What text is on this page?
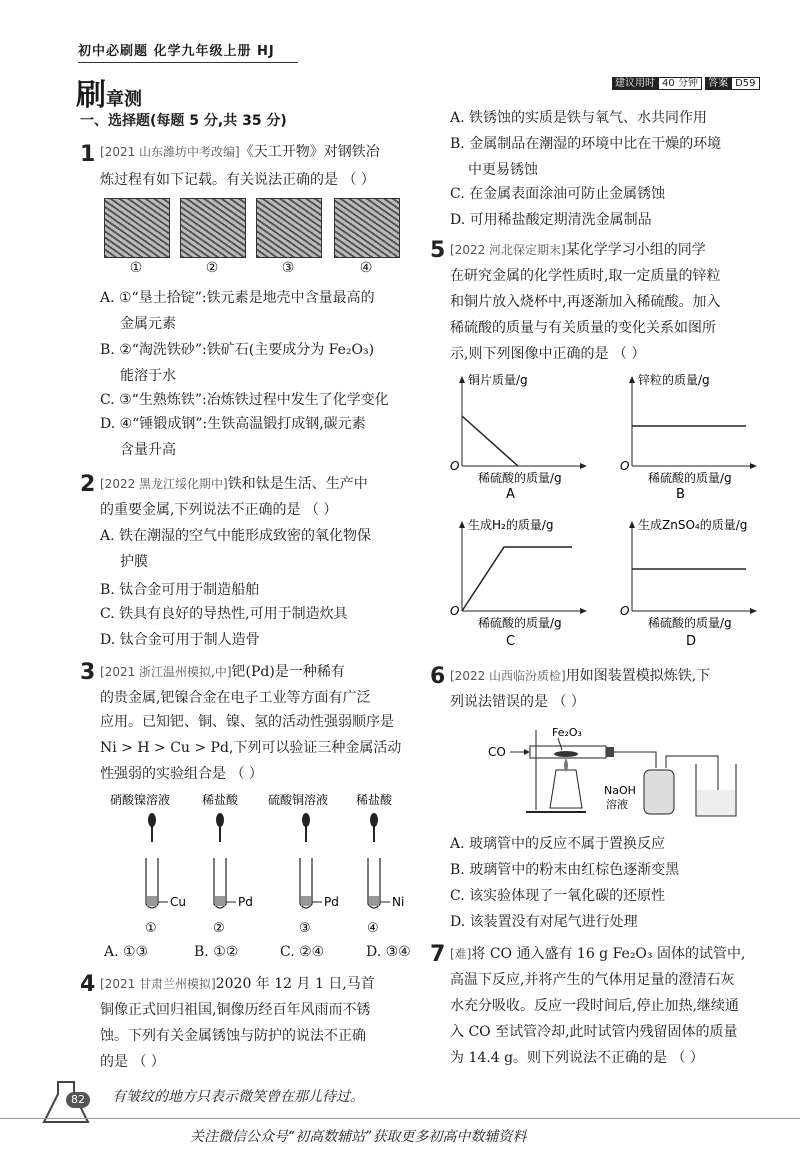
初中必刷题 化学九年级上册 HJ
刷章测
建议用时 40 分钟 答案 D59
一、选择题(每题 5 分,共 35 分)
1 [2021 山东潍坊中考改编]《天工开物》对钢铁冶
炼过程有如下记载。有关说法正确的是 （ ）
①	②	③	④
A. ①“垦土拾锭”:铁元素是地壳中含量最高的
金属元素
B. ②“淘洗铁砂”:铁矿石(主要成分为 Fe₂O₃)
能溶于水
C. ③“生熟炼铁”:冶炼铁过程中发生了化学变化
D. ④“锤锻成钢”:生铁高温锻打成钢,碳元素
含量升高
2 [2022 黑龙江绥化期中]铁和钛是生活、生产中
的重要金属,下列说法不正确的是 （ ）
A. 铁在潮湿的空气中能形成致密的氧化物保
护膜
B. 钛合金可用于制造船舶
C. 铁具有良好的导热性,可用于制造炊具
D. 钛合金可用于制人造骨
3 [2021 浙江温州模拟,中]钯(Pd)是一种稀有
的贵金属,钯镍合金在电子工业等方面有广泛
应用。已知钯、铜、镍、氢的活动性强弱顺序是
Ni > H > Cu > Pd,下列可以验证三种金属活动
性强弱的实验组合是 （ ）
硝酸镍溶液	稀盐酸 硫酸铜溶液 稀盐酸
Cu	Pd	Pd	Ni
①	②	③	④
A. ①③	B. ①②	C. ②④	D. ③④
4 [2021 甘肃兰州模拟]2020 年 12 月 1 日,马首
铜像正式回归祖国,铜像历经百年风雨而不锈
蚀。下列有关金属锈蚀与防护的说法不正确
的是 （ ）
A. 铁锈蚀的实质是铁与氧气、水共同作用
B. 金属制品在潮湿的环境中比在干燥的环境
中更易锈蚀
C. 在金属表面涂油可防止金属锈蚀
D. 可用稀盐酸定期清洗金属制品
5 [2022 河北保定期末]某化学学习小组的同学
在研究金属的化学性质时,取一定质量的锌粒
和铜片放入烧杯中,再逐渐加入稀硫酸。加入
稀硫酸的质量与有关质量的变化关系如图所
示,则下列图像中正确的是 （ ）
铜片质量/g
O
稀硫酸的质量/g
A
锌粒的质量/g
O
稀硫酸的质量/g
B
生成H₂的质量/g
O
稀硫酸的质量/g
C
生成ZnSO₄的质量/g
O
稀硫酸的质量/g
D
6 [2022 山西临汾质检]用如图装置模拟炼铁,下
列说法错误的是 （ ）
CO
Fe₂O₃
NaOH
溶液
A. 玻璃管中的反应不属于置换反应
B. 玻璃管中的粉末由红棕色逐渐变黑
C. 该实验体现了一氧化碳的还原性
D. 该装置没有对尾气进行处理
7 [难]将 CO 通入盛有 16 g Fe₂O₃ 固体的试管中,
高温下反应,并将产生的气体用足量的澄清石灰
水充分吸收。反应一段时间后,停止加热,继续通
入 CO 至试管冷却,此时试管内残留固体的质量
为 14.4 g。则下列说法不正确的是 （ ）
82	有皱纹的地方只表示微笑曾在那儿待过。
关注微信公众号“初高数辅站”获取更多初高中数辅资料
